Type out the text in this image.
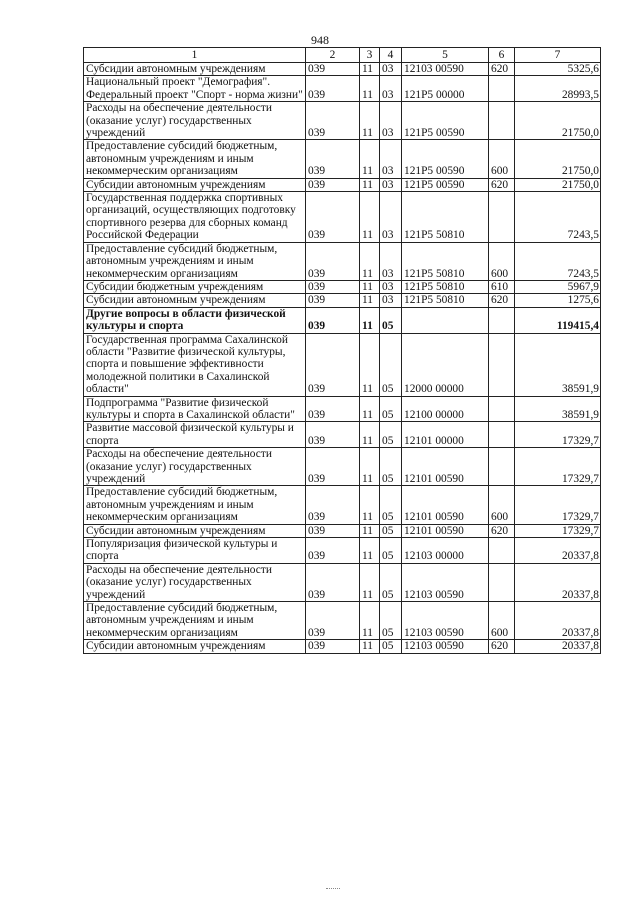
948
1	2	3	4	5	6	7
Субсидии автономным учреждениям	039	11	03	12103 00590	620	5325,6
Национальный проект "Демография". Федеральный проект "Спорт - норма жизни"	039	11	03	121P5 00000		28993,5
Расходы на обеспечение деятельности (оказание услуг) государственных учреждений	039	11	03	121P5 00590		21750,0
Предоставление субсидий бюджетным, автономным учреждениям и иным некоммерческим организациям	039	11	03	121P5 00590	600	21750,0
Субсидии автономным учреждениям	039	11	03	121P5 00590	620	21750,0
Государственная поддержка спортивных организаций, осуществляющих подготовку спортивного резерва для сборных команд Российской Федерации	039	11	03	121P5 50810		7243,5
Предоставление субсидий бюджетным, автономным учреждениям и иным некоммерческим организациям	039	11	03	121P5 50810	600	7243,5
Субсидии бюджетным учреждениям	039	11	03	121P5 50810	610	5967,9
Субсидии автономным учреждениям	039	11	03	121P5 50810	620	1275,6
Другие вопросы в области физической культуры и спорта	039	11	05			119415,4
Государственная программа Сахалинской области "Развитие физической культуры, спорта и повышение эффективности молодежной политики в Сахалинской области"	039	11	05	12000 00000		38591,9
Подпрограмма "Развитие физической культуры и спорта в Сахалинской области"	039	11	05	12100 00000		38591,9
Развитие массовой физической культуры и спорта	039	11	05	12101 00000		17329,7
Расходы на обеспечение деятельности (оказание услуг) государственных учреждений	039	11	05	12101 00590		17329,7
Предоставление субсидий бюджетным, автономным учреждениям и иным некоммерческим организациям	039	11	05	12101 00590	600	17329,7
Субсидии автономным учреждениям	039	11	05	12101 00590	620	17329,7
Популяризация физической культуры и спорта	039	11	05	12103 00000		20337,8
Расходы на обеспечение деятельности (оказание услуг) государственных учреждений	039	11	05	12103 00590		20337,8
Предоставление субсидий бюджетным, автономным учреждениям и иным некоммерческим организациям	039	11	05	12103 00590	600	20337,8
Субсидии автономным учреждениям	039	11	05	12103 00590	620	20337,8
